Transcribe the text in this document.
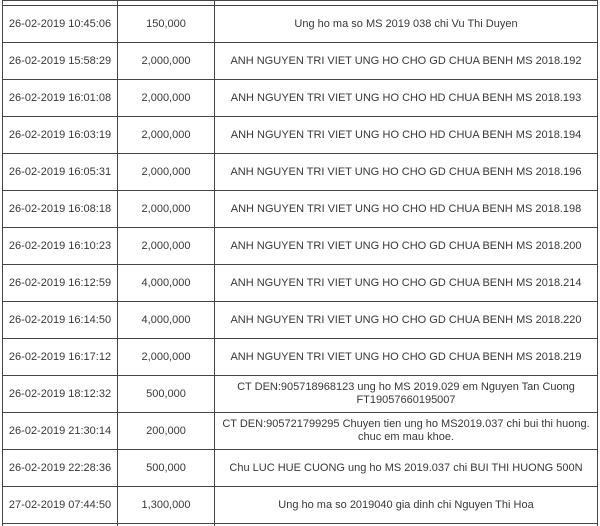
26-02-2019 10:45:06	150,000	Ung ho ma so MS 2019 038 chi Vu Thi Duyen
26-02-2019 15:58:29	2,000,000	ANH NGUYEN TRI VIET UNG HO CHO GD CHUA BENH MS 2018.192
26-02-2019 16:01:08	2,000,000	ANH NGUYEN TRI VIET UNG HO CHO HD CHUA BENH MS 2018.193
26-02-2019 16:03:19	2,000,000	ANH NGUYEN TRI VIET UNG HO CHO HD CHUA BENH MS 2018.194
26-02-2019 16:05:31	2,000,000	ANH NGUYEN TRI VIET UNG HO CHO GD CHUA BENH MS 2018.196
26-02-2019 16:08:18	2,000,000	ANH NGUYEN TRI VIET UNG HO CHO HD CHUA BENH MS 2018.198
26-02-2019 16:10:23	2,000,000	ANH NGUYEN TRI VIET UNG HO CHO GD CHUA BENH MS 2018.200
26-02-2019 16:12:59	4,000,000	ANH NGUYEN TRI VIET UNG HO CHO GD CHUA BENH MS 2018.214
26-02-2019 16:14:50	4,000,000	ANH NGUYEN TRI VIET UNG HO CHO GD CHUA BENH MS 2018.220
26-02-2019 16:17:12	2,000,000	ANH NGUYEN TRI VIET UNG HO CHO GD CHUA BENH MS 2018.219
26-02-2019 18:12:32	500,000	CT DEN:905718968123 ung ho MS 2019.029 em Nguyen Tan Cuong FT19057660195007
26-02-2019 21:30:14	200,000	CT DEN:905721799295 Chuyen tien ung ho MS2019.037 chi bui thi huong. chuc em mau khoe.
26-02-2019 22:28:36	500,000	Chu LUC HUE CUONG ung ho MS 2019.037 chi BUI THI HUONG 500N
27-02-2019 07:44:50	1,300,000	Ung ho ma so 2019040 gia dinh chi Nguyen Thi Hoa
